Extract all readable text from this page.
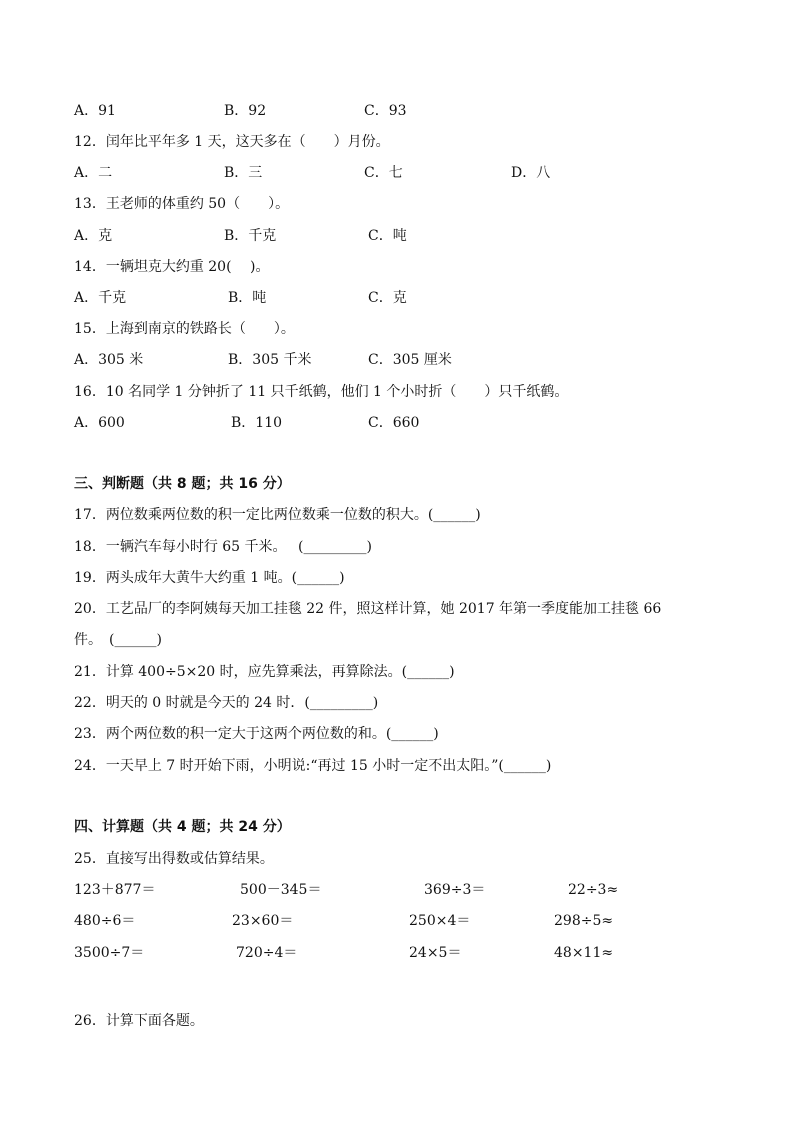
A．91	B．92	C．93
12．闰年比平年多 1 天，这天多在（　　）月份。
A．二	B．三	C．七	D．八
13．王老师的体重约 50（　　）。
A．克	B．千克	C．吨
14．一辆坦克大约重 20(　 )。
A．千克	B．吨	C．克
15．上海到南京的铁路长（　　）。
A．305 米	B．305 千米	C．305 厘米
16．10 名同学 1 分钟折了 11 只千纸鹤，他们 1 个小时折（　　）只千纸鹤。
A．600	B．110	C．660
三、判断题（共 8 题；共 16 分）
17．两位数乘两位数的积一定比两位数乘一位数的积大。(______)
18．一辆汽车每小时行 65 千米。　 (_________)
19．两头成年大黄牛大约重 1 吨。(______)
20．工艺品厂的李阿姨每天加工挂毯 22 件，照这样计算，她 2017 年第一季度能加工挂毯 66
件。　(______)
21．计算 400÷5×20 时，应先算乘法，再算除法。(______)
22．明天的 0 时就是今天的 24 时．(_________)
23．两个两位数的积一定大于这两个两位数的和。(______)
24．一天早上 7 时开始下雨，小明说:“再过 15 小时一定不出太阳。”(______)
四、计算题（共 4 题；共 24 分）
25．直接写出得数或估算结果。
123＋877＝	500－345＝	369÷3＝	22÷3≈
480÷6＝	23×60＝	250×4＝	298÷5≈
3500÷7＝	720÷4＝	24×5＝	48×11≈
26．计算下面各题。
